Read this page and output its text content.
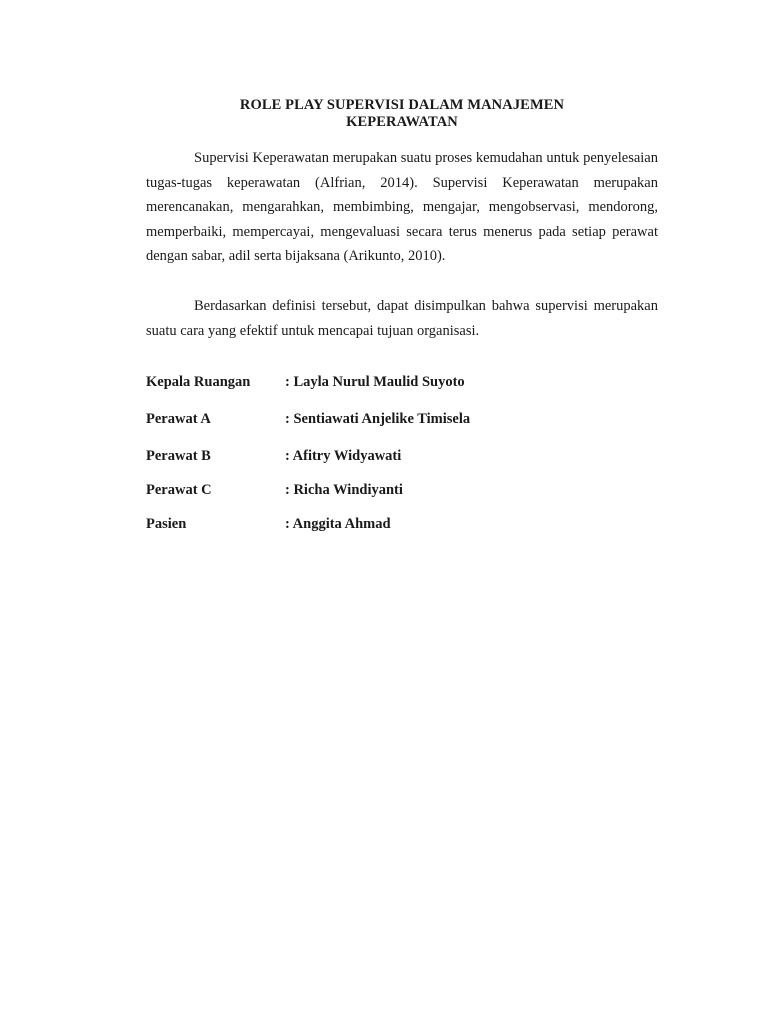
ROLE PLAY SUPERVISI DALAM MANAJEMEN
KEPERAWATAN

Supervisi Keperawatan merupakan suatu proses kemudahan untuk penyelesaian tugas-tugas keperawatan (Alfrian, 2014). Supervisi Keperawatan merupakan merencanakan, mengarahkan, membimbing, mengajar, mengobservasi, mendorong, memperbaiki, mempercayai, mengevaluasi secara terus menerus pada setiap perawat dengan sabar, adil serta bijaksana (Arikunto, 2010).

Berdasarkan definisi tersebut, dapat disimpulkan bahwa supervisi merupakan suatu cara yang efektif untuk mencapai tujuan organisasi.

Kepala Ruangan : Layla Nurul Maulid Suyoto
Perawat A	: Sentiawati Anjelike Timisela
Perawat B	: Afitry Widyawati
Perawat C	: Richa Windiyanti
Pasien	: Anggita Ahmad
